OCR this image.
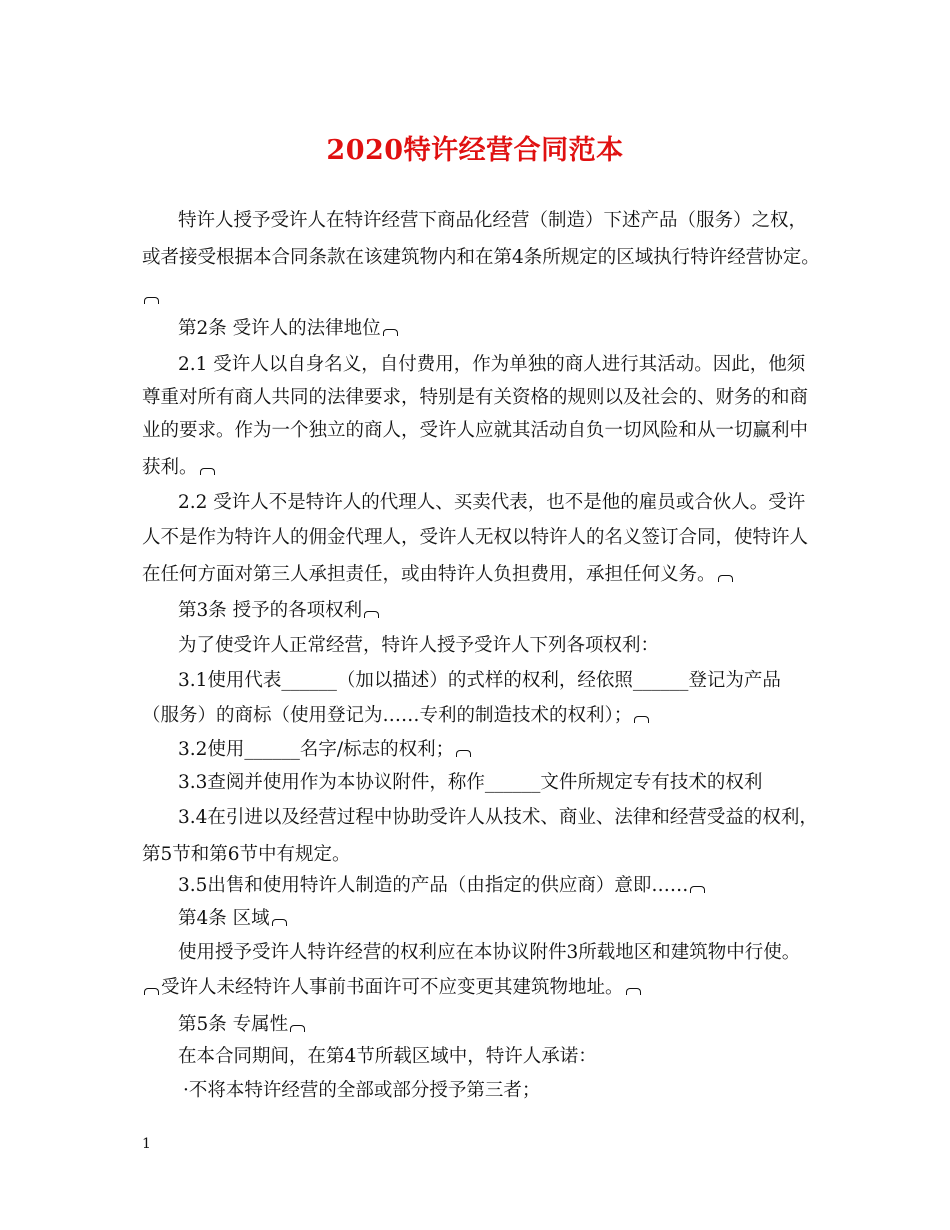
2020特许经营合同范本
特许人授予受许人在特许经营下商品化经营（制造）下述产品（服务）之权，
或者接受根据本合同条款在该建筑物内和在第4条所规定的区域执行特许经营协定。
第2条 受许人的法律地位
2.1 受许人以自身名义，自付费用，作为单独的商人进行其活动。因此，他须
尊重对所有商人共同的法律要求，特别是有关资格的规则以及社会的、财务的和商
业的要求。作为一个独立的商人，受许人应就其活动自负一切风险和从一切赢利中
获利。
2.2 受许人不是特许人的代理人、买卖代表，也不是他的雇员或合伙人。受许
人不是作为特许人的佣金代理人，受许人无权以特许人的名义签订合同，使特许人
在任何方面对第三人承担责任，或由特许人负担费用，承担任何义务。
第3条 授予的各项权利
为了使受许人正常经营，特许人授予受许人下列各项权利：
3.1使用代表______（加以描述）的式样的权利，经依照______登记为产品
（服务）的商标（使用登记为……专利的制造技术的权利）；
3.2使用______名字/标志的权利；
3.3查阅并使用作为本协议附件，称作______文件所规定专有技术的权利
3.4在引进以及经营过程中协助受许人从技术、商业、法律和经营受益的权利，
第5节和第6节中有规定。
3.5出售和使用特许人制造的产品（由指定的供应商）意即……
第4条 区域
使用授予受许人特许经营的权利应在本协议附件3所载地区和建筑物中行使。
受许人未经特许人事前书面许可不应变更其建筑物地址。
第5条 专属性
在本合同期间，在第4节所载区域中，特许人承诺：
·不将本特许经营的全部或部分授予第三者；
1
